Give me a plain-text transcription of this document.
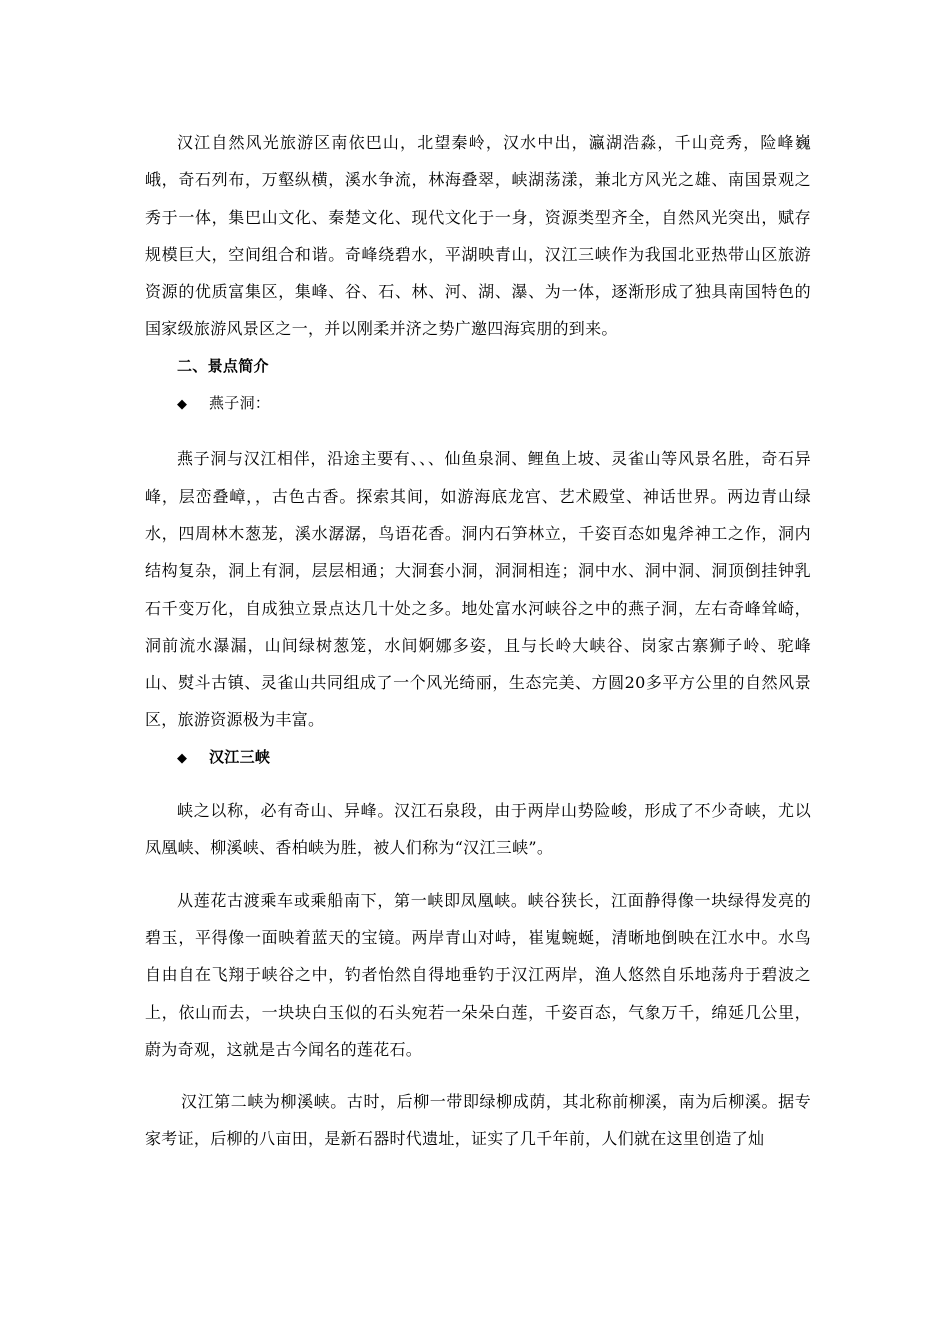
汉江自然风光旅游区南依巴山，北望秦岭，汉水中出，瀛湖浩淼，千山竞秀，险峰巍峨，奇石列布，万壑纵横，溪水争流，林海叠翠，峡湖荡漾，兼北方风光之雄、南国景观之秀于一体，集巴山文化、秦楚文化、现代文化于一身，资源类型齐全，自然风光突出，赋存规模巨大，空间组合和谐。奇峰绕碧水，平湖映青山，汉江三峡作为我国北亚热带山区旅游资源的优质富集区，集峰、谷、石、林、河、湖、瀑、为一体，逐渐形成了独具南国特色的国家级旅游风景区之一，并以刚柔并济之势广邀四海宾朋的到来。

二、景点简介

◆ 燕子洞：

燕子洞与汉江相伴，沿途主要有、、、仙鱼泉洞、鲤鱼上坡、灵雀山等风景名胜，奇石异峰，层峦叠嶂，，古色古香。探索其间，如游海底龙宫、艺术殿堂、神话世界。两边青山绿水，四周林木葱茏，溪水潺潺，鸟语花香。洞内石笋林立，千姿百态如鬼斧神工之作，洞内结构复杂，洞上有洞，层层相通；大洞套小洞，洞洞相连；洞中水、洞中洞、洞顶倒挂钟乳石千变万化，自成独立景点达几十处之多。地处富水河峡谷之中的燕子洞，左右奇峰耸崎，洞前流水瀑漏，山间绿树葱笼，水间婀娜多姿，且与长岭大峡谷、岗家古寨狮子岭、驼峰山、熨斗古镇、灵雀山共同组成了一个风光绮丽，生态完美、方圆20多平方公里的自然风景区，旅游资源极为丰富。

◆ 汉江三峡

峡之以称，必有奇山、异峰。汉江石泉段，由于两岸山势险峻，形成了不少奇峡，尤以凤凰峡、柳溪峡、香柏峡为胜，被人们称为“汉江三峡”。

从莲花古渡乘车或乘船南下，第一峡即凤凰峡。峡谷狭长，江面静得像一块绿得发亮的碧玉，平得像一面映着蓝天的宝镜。两岸青山对峙，崔嵬蜿蜒，清晰地倒映在江水中。水鸟自由自在飞翔于峡谷之中，钓者怡然自得地垂钓于汉江两岸，渔人悠然自乐地荡舟于碧波之上，依山而去，一块块白玉似的石头宛若一朵朵白莲，千姿百态，气象万千，绵延几公里，蔚为奇观，这就是古今闻名的莲花石。

汉江第二峡为柳溪峡。古时，后柳一带即绿柳成荫，其北称前柳溪，南为后柳溪。据专家考证，后柳的八亩田，是新石器时代遗址，证实了几千年前，人们就在这里创造了灿
